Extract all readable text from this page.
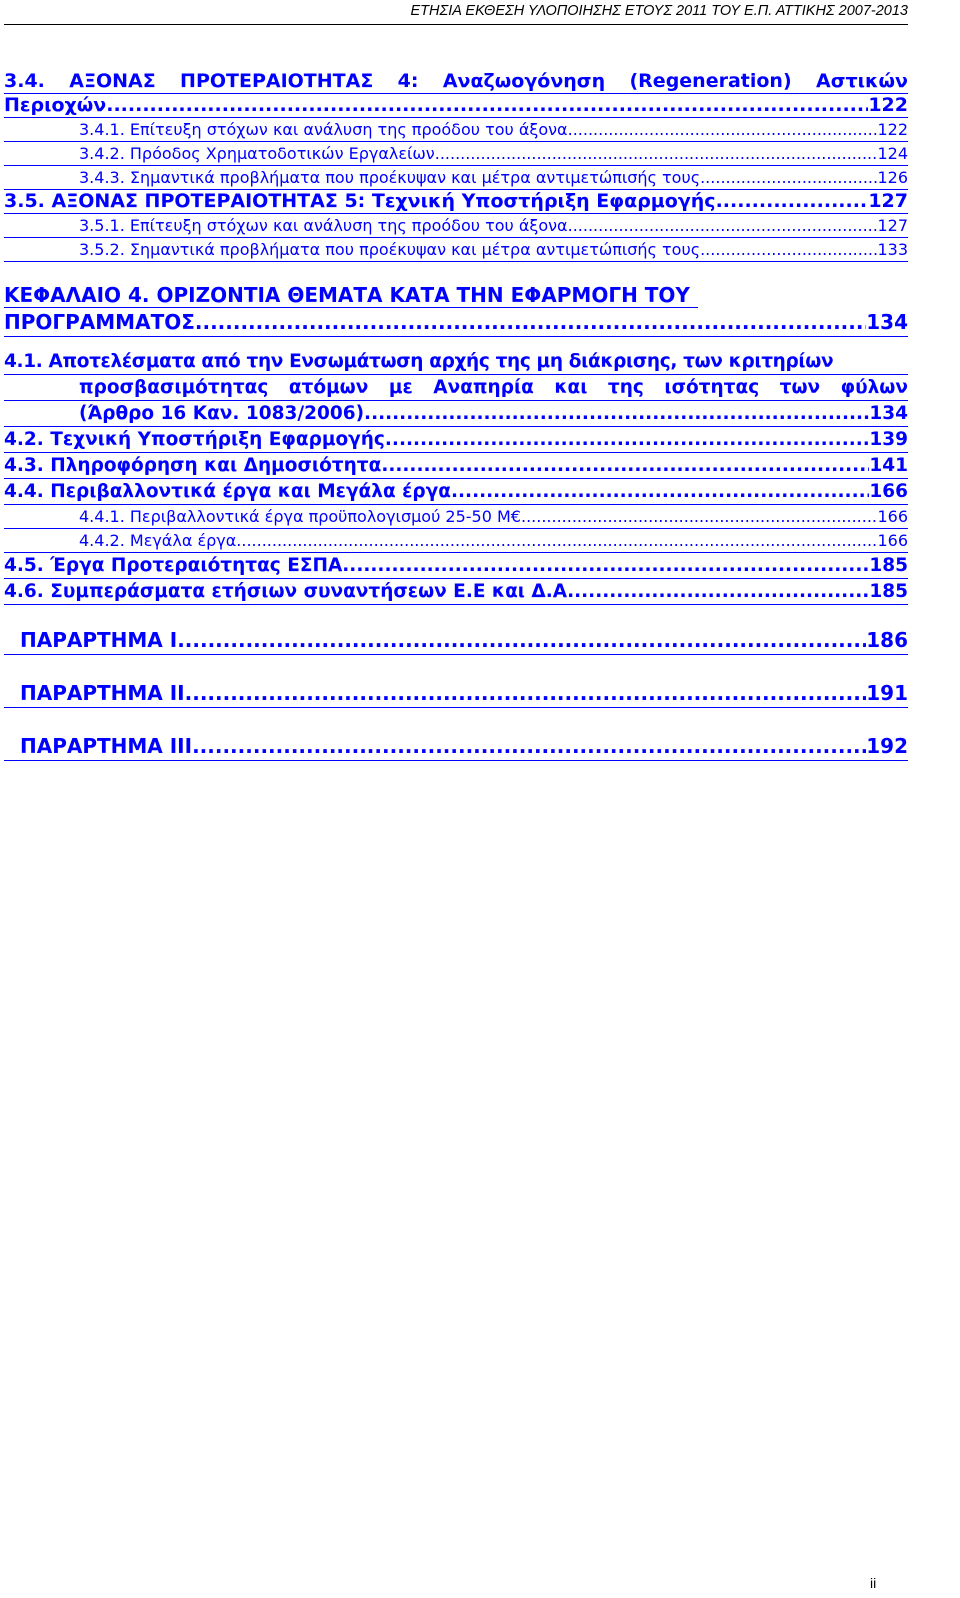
ΕΤΗΣΙΑ ΕΚΘΕΣΗ ΥΛΟΠΟΙΗΣΗΣ ΕΤΟΥΣ 2011 ΤΟΥ Ε.Π. ΑΤΤΙΚΗΣ 2007-2013
3.4. ΑΞΟΝΑΣ ΠΡΟΤΕΡΑΙΟΤΗΤΑΣ 4: Αναζωογόνηση (Regeneration) Αστικών
Περιοχών .....	122
3.4.1. Επίτευξη στόχων και ανάλυση της προόδου του άξονα .....	122
3.4.2. Πρόοδος Χρηματοδοτικών Εργαλείων .....	124
3.4.3. Σημαντικά προβλήματα που προέκυψαν και μέτρα αντιμετώπισής τους .....	126
3.5. ΑΞΟΝΑΣ ΠΡΟΤΕΡΑΙΟΤΗΤΑΣ 5: Τεχνική Υποστήριξη Εφαρμογής .....	127
3.5.1. Επίτευξη στόχων και ανάλυση της προόδου του άξονα .....	127
3.5.2. Σημαντικά προβλήματα που προέκυψαν και μέτρα αντιμετώπισής τους .....	133
ΚΕΦΑΛΑΙΟ 4. ΟΡΙΖΟΝΤΙΑ ΘΕΜΑΤΑ ΚΑΤΑ ΤΗΝ ΕΦΑΡΜΟΓΗ ΤΟΥ
ΠΡΟΓΡΑΜΜΑΤΟΣ .....	134
4.1. Αποτελέσματα από την Ενσωμάτωση αρχής της μη διάκρισης, των κριτηρίων
προσβασιμότητας ατόμων με Αναπηρία και της ισότητας των φύλων
(Άρθρο 16 Καν. 1083/2006) .....	134
4.2. Τεχνική Υποστήριξη Εφαρμογής .....	139
4.3. Πληροφόρηση και Δημοσιότητα .....	141
4.4. Περιβαλλοντικά έργα και Μεγάλα έργα .....	166
4.4.1. Περιβαλλοντικά έργα προϋπολογισμού 25-50 Μ€ .....	166
4.4.2. Μεγάλα έργα .....	166
4.5. Έργα Προτεραιότητας ΕΣΠΑ .....	185
4.6. Συμπεράσματα ετήσιων συναντήσεων Ε.Ε και Δ.Α .....	185
ΠΑΡΑΡΤΗΜΑ Ι .....	186
ΠΑΡΑΡΤΗΜΑ ΙΙ .....	191
ΠΑΡΑΡΤΗΜΑ ΙΙΙ .....	192
ii
